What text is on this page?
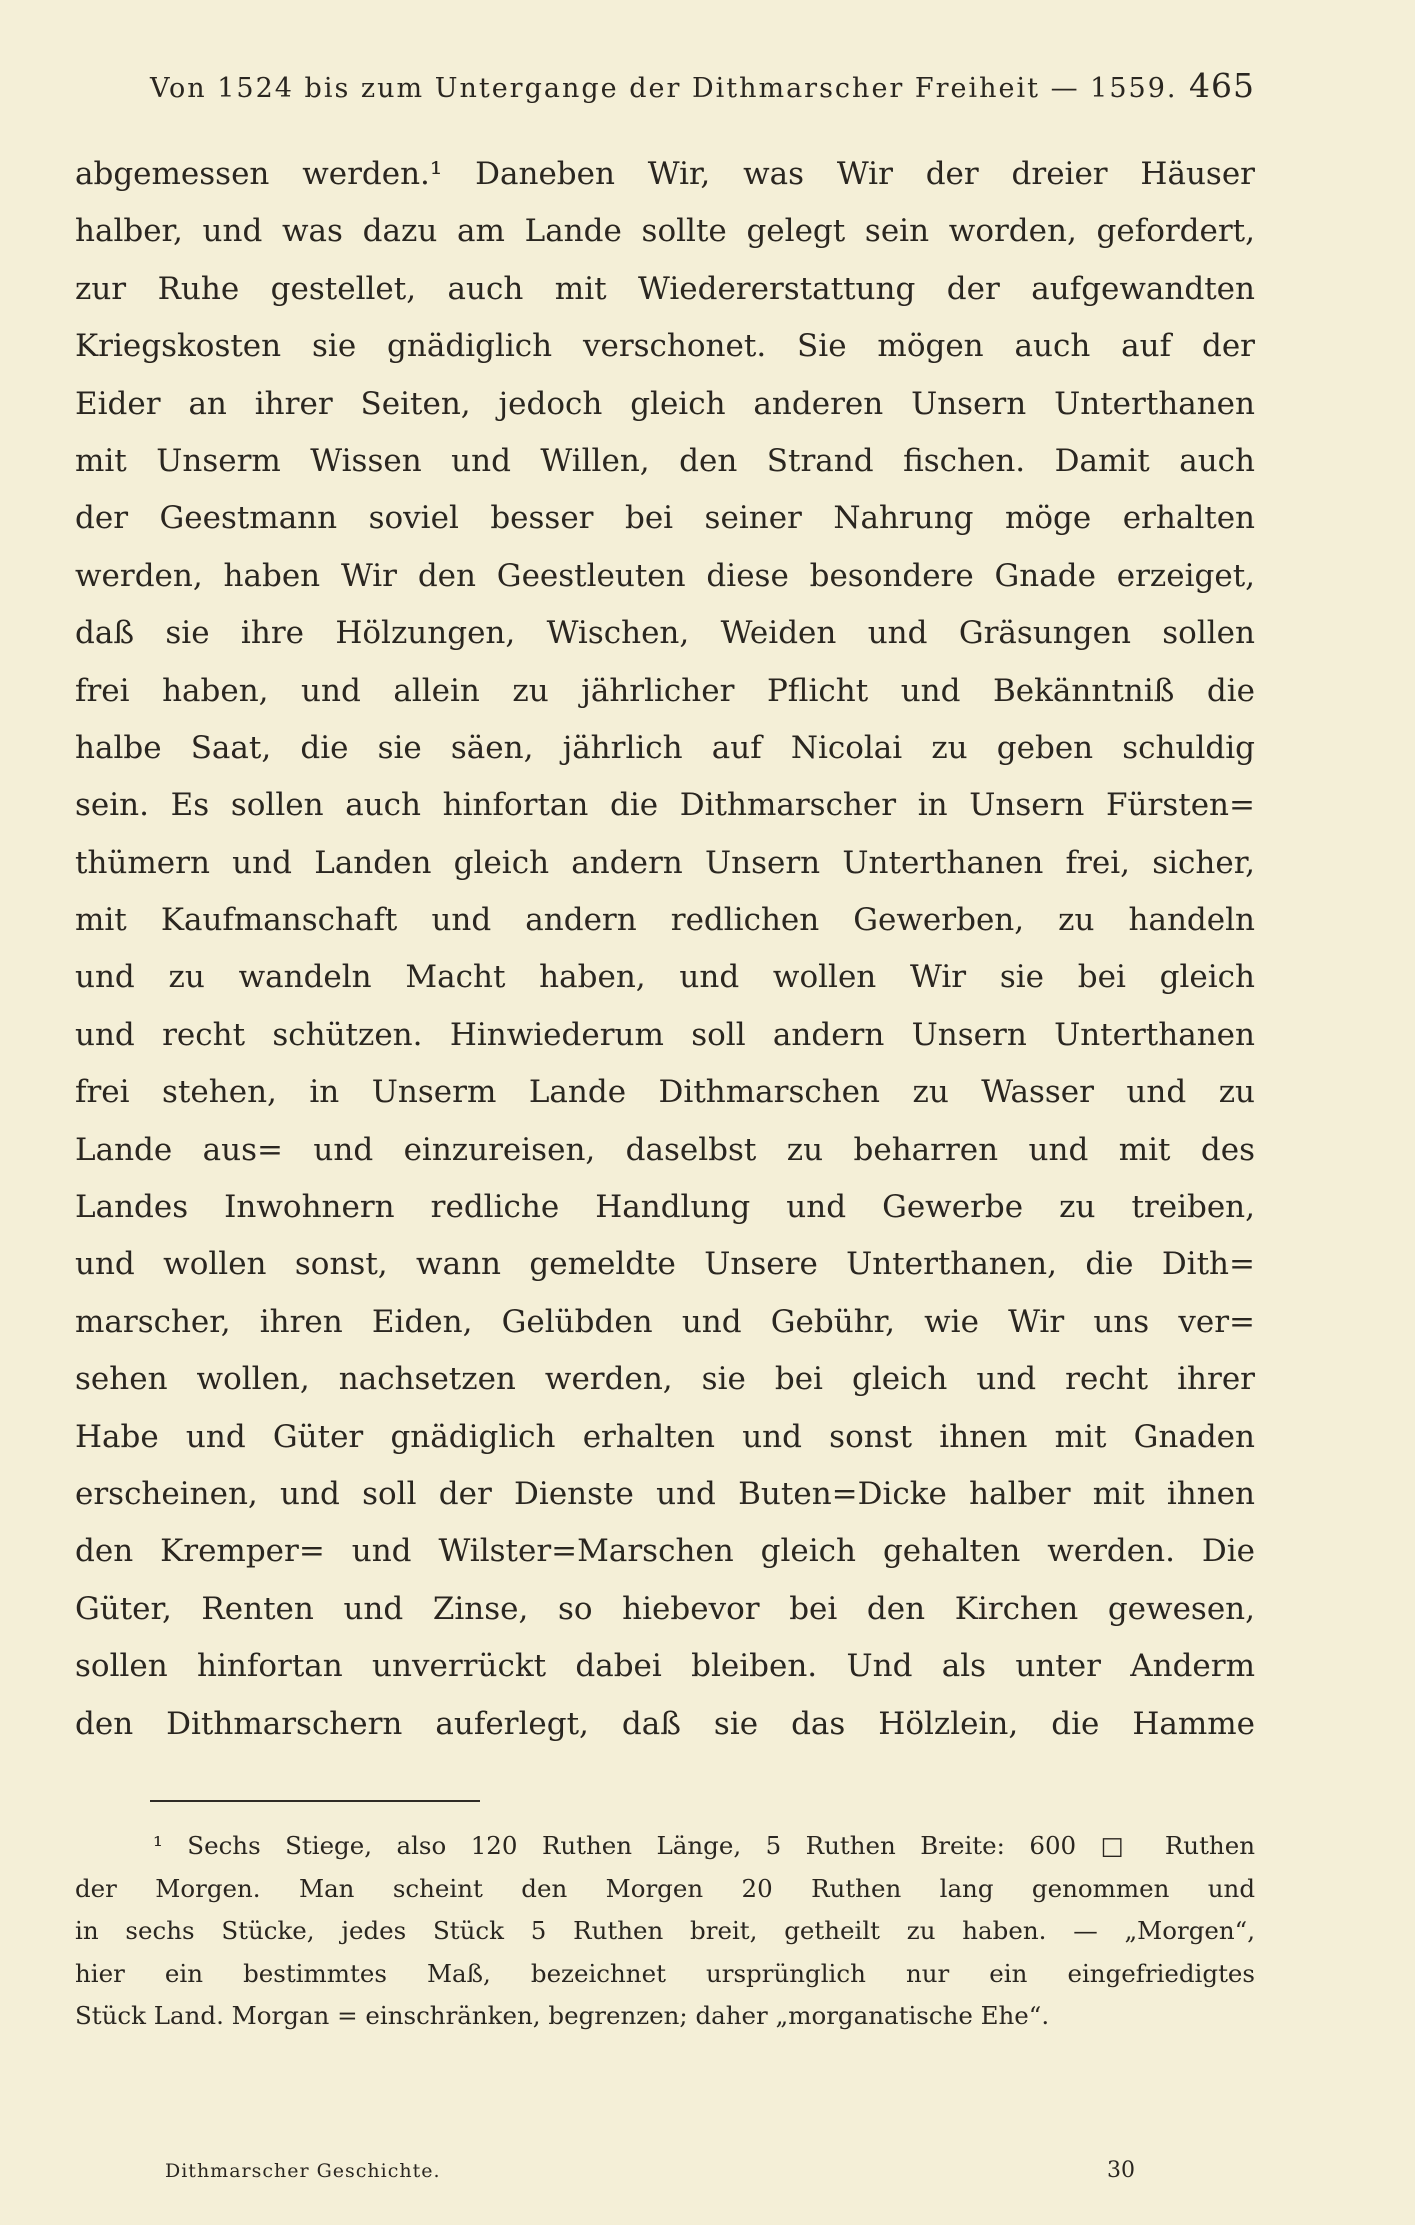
Von 1524 bis zum Untergange der Dithmarscher Freiheit — 1559. 465
abgemessen werden.¹ Daneben Wir, was Wir der dreier Häuser
halber, und was dazu am Lande sollte gelegt sein worden, gefordert,
zur Ruhe gestellet, auch mit Wiedererstattung der aufgewandten
Kriegskosten sie gnädiglich verschonet. Sie mögen auch auf der
Eider an ihrer Seiten, jedoch gleich anderen Unsern Unterthanen
mit Unserm Wissen und Willen, den Strand fischen. Damit auch
der Geestmann soviel besser bei seiner Nahrung möge erhalten
werden, haben Wir den Geestleuten diese besondere Gnade erzeiget,
daß sie ihre Hölzungen, Wischen, Weiden und Gräsungen sollen
frei haben, und allein zu jährlicher Pflicht und Bekänntniß die
halbe Saat, die sie säen, jährlich auf Nicolai zu geben schuldig
sein. Es sollen auch hinfortan die Dithmarscher in Unsern Fürsten=
thümern und Landen gleich andern Unsern Unterthanen frei, sicher,
mit Kaufmanschaft und andern redlichen Gewerben, zu handeln
und zu wandeln Macht haben, und wollen Wir sie bei gleich
und recht schützen. Hinwiederum soll andern Unsern Unterthanen
frei stehen, in Unserm Lande Dithmarschen zu Wasser und zu
Lande aus= und einzureisen, daselbst zu beharren und mit des
Landes Inwohnern redliche Handlung und Gewerbe zu treiben,
und wollen sonst, wann gemeldte Unsere Unterthanen, die Dith=
marscher, ihren Eiden, Gelübden und Gebühr, wie Wir uns ver=
sehen wollen, nachsetzen werden, sie bei gleich und recht ihrer
Habe und Güter gnädiglich erhalten und sonst ihnen mit Gnaden
erscheinen, und soll der Dienste und Buten=Dicke halber mit ihnen
den Kremper= und Wilster=Marschen gleich gehalten werden. Die
Güter, Renten und Zinse, so hiebevor bei den Kirchen gewesen,
sollen hinfortan unverrückt dabei bleiben. Und als unter Anderm
den Dithmarschern auferlegt, daß sie das Hölzlein, die Hamme
¹ Sechs Stiege, also 120 Ruthen Länge, 5 Ruthen Breite: 600 □ Ruthen
der Morgen. Man scheint den Morgen 20 Ruthen lang genommen und
in sechs Stücke, jedes Stück 5 Ruthen breit, getheilt zu haben. — „Morgen“,
hier ein bestimmtes Maß, bezeichnet ursprünglich nur ein eingefriedigtes
Stück Land. Morgan = einschränken, begrenzen; daher „morganatische Ehe“.
Dithmarscher Geschichte.	30
